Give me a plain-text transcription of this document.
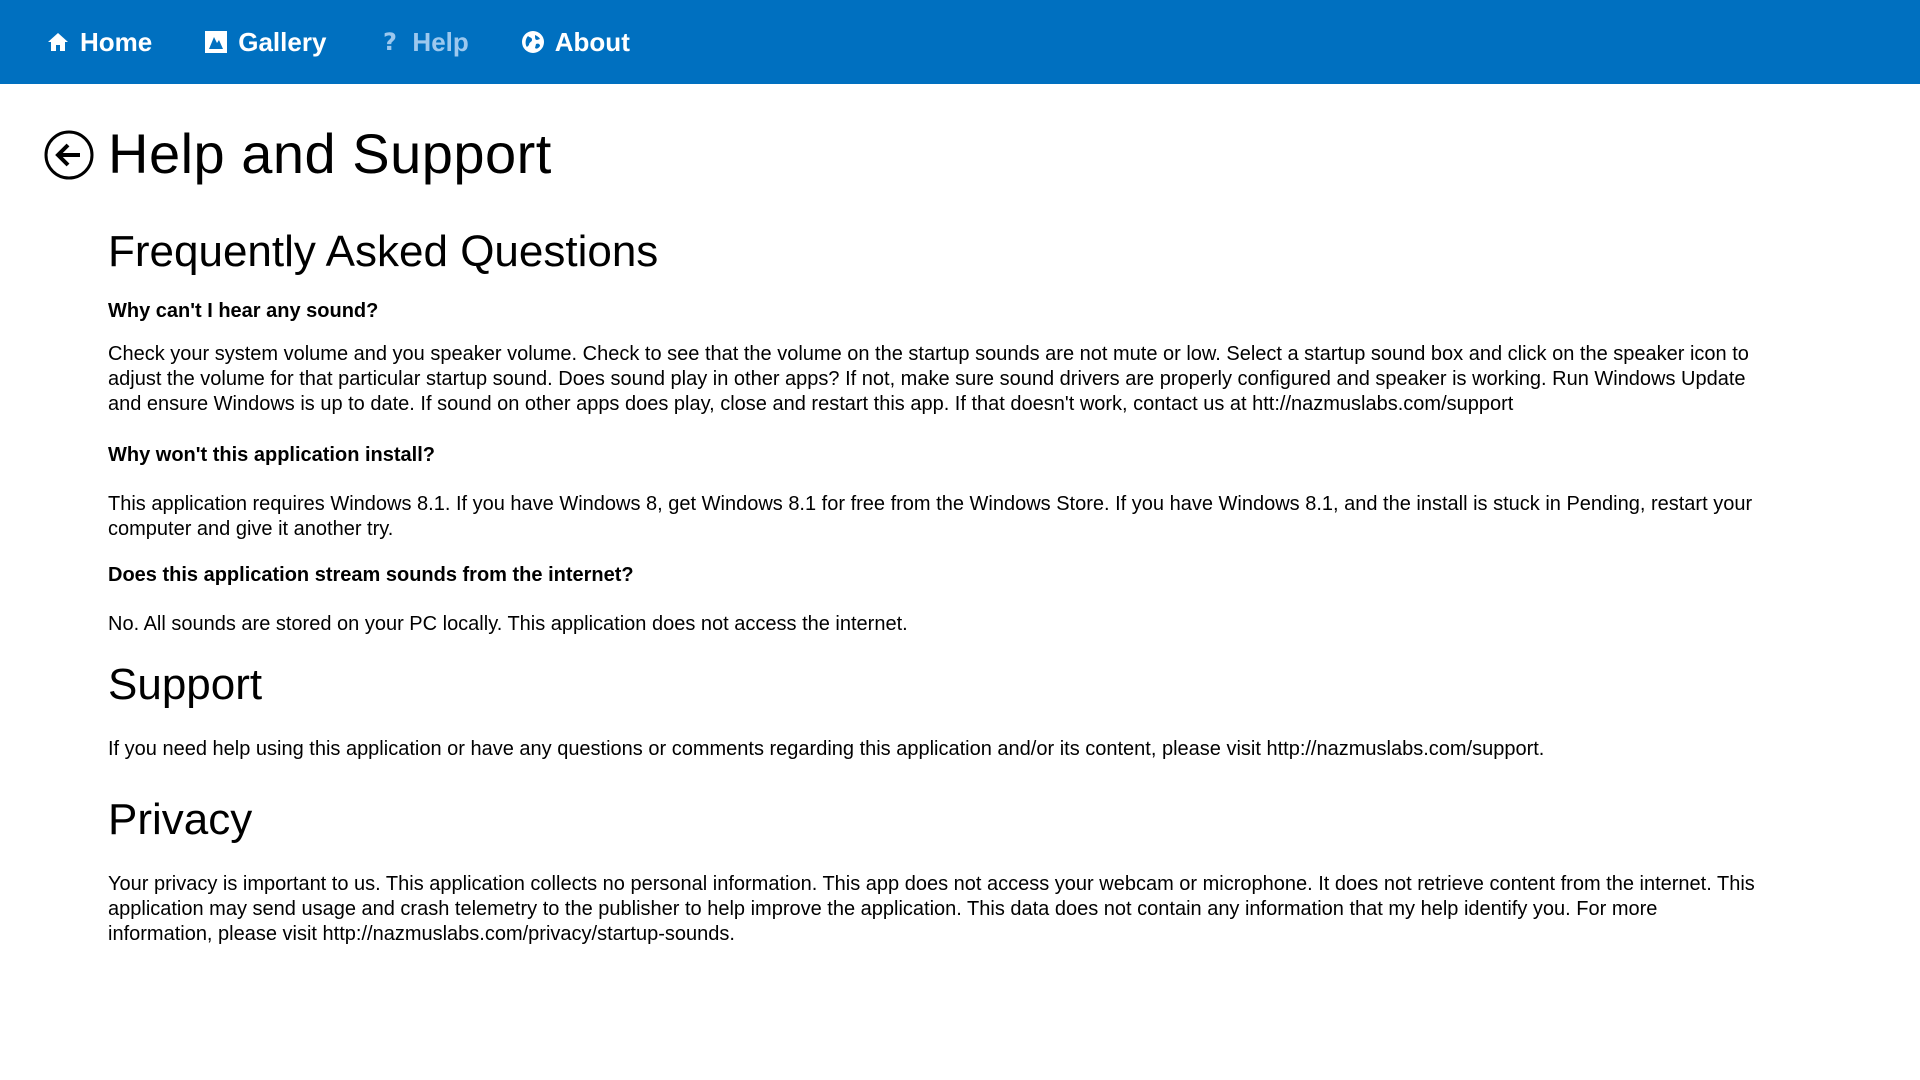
Home	Gallery ? Help	About
Help and Support
Frequently Asked Questions

Why can't I hear any sound?

Check your system volume and you speaker volume. Check to see that the volume on the startup sounds are not mute or low. Select a startup sound box and click on the speaker icon to adjust the volume for that particular startup sound. Does sound play in other apps? If not, make sure sound drivers are properly configured and speaker is working. Run Windows Update and ensure Windows is up to date. If sound on other apps does play, close and restart this app. If that doesn't work, contact us at htt://nazmuslabs.com/support

Why won't this application install?

This application requires Windows 8.1. If you have Windows 8, get Windows 8.1 for free from the Windows Store. If you have Windows 8.1, and the install is stuck in Pending, restart your computer and give it another try.

Does this application stream sounds from the internet?

No. All sounds are stored on your PC locally. This application does not access the internet.

Support

If you need help using this application or have any questions or comments regarding this application and/or its content, please visit http://nazmuslabs.com/support.

Privacy

Your privacy is important to us. This application collects no personal information. This app does not access your webcam or microphone. It does not retrieve content from the internet. This application may send usage and crash telemetry to the publisher to help improve the application. This data does not contain any information that my help identify you. For more information, please visit http://nazmuslabs.com/privacy/startup-sounds.
